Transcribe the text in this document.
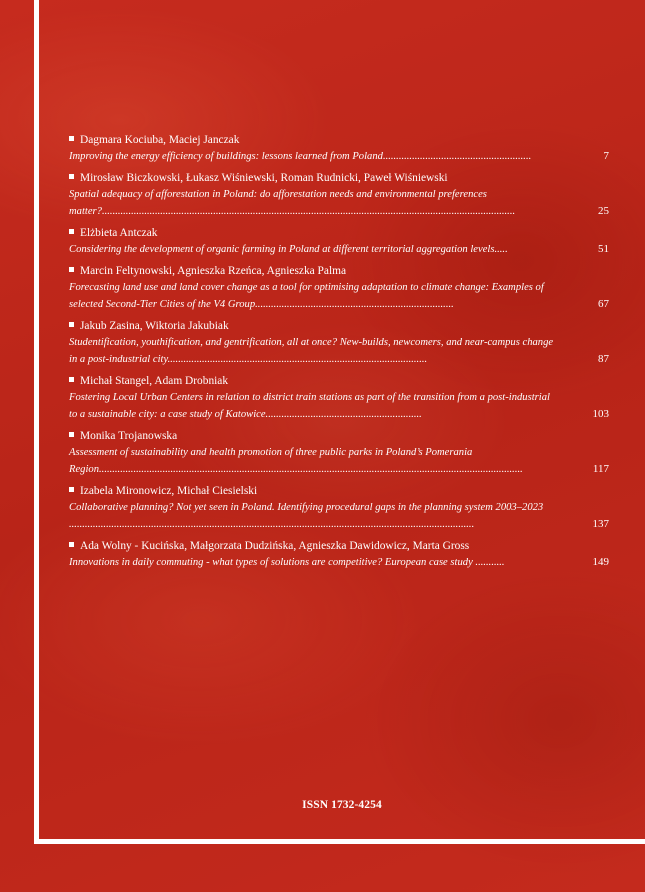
Dagmara Kociuba, Maciej Janczak
Improving the energy efficiency of buildings: lessons learned from Poland........................................................	7
Mirosław Biczkowski, Łukasz Wiśniewski, Roman Rudnicki, Paweł Wiśniewski
Spatial adequacy of afforestation in Poland: do afforestation needs and environmental preferences matter?............................................................................................................................................................	25
Elżbieta Antczak
Considering the development of organic farming in Poland at different territorial aggregation levels.....	51
Marcin Feltynowski, Agnieszka Rzeńca, Agnieszka Palma
Forecasting land use and land cover change as a tool for optimising adaptation to climate change: Examples of selected Second-Tier Cities of the V4 Group...........................................................................	67
Jakub Zasina, Wiktoria Jakubiak
Studentification, youthification, and gentrification, all at once? New-builds, newcomers, and near-campus change in a post-industrial city..................................................................................................	87
Michał Stangel, Adam Drobniak
Fostering Local Urban Centers in relation to district train stations as part of the transition from a post-industrial to a sustainable city: a case study of Katowice...........................................................	103
Monika Trojanowska
Assessment of sustainability and health promotion of three public parks in Poland’s Pomerania Region................................................................................................................................................................	117
Izabela Mironowicz, Michał Ciesielski
Collaborative planning? Not yet seen in Poland. Identifying procedural gaps in the planning system 2003–2023 .........................................................................................................................................................	137
Ada Wolny - Kucińska, Małgorzata Dudzińska, Agnieszka Dawidowicz, Marta Gross
Innovations in daily commuting - what types of solutions are competitive? European case study ...........	149
ISSN 1732-4254
